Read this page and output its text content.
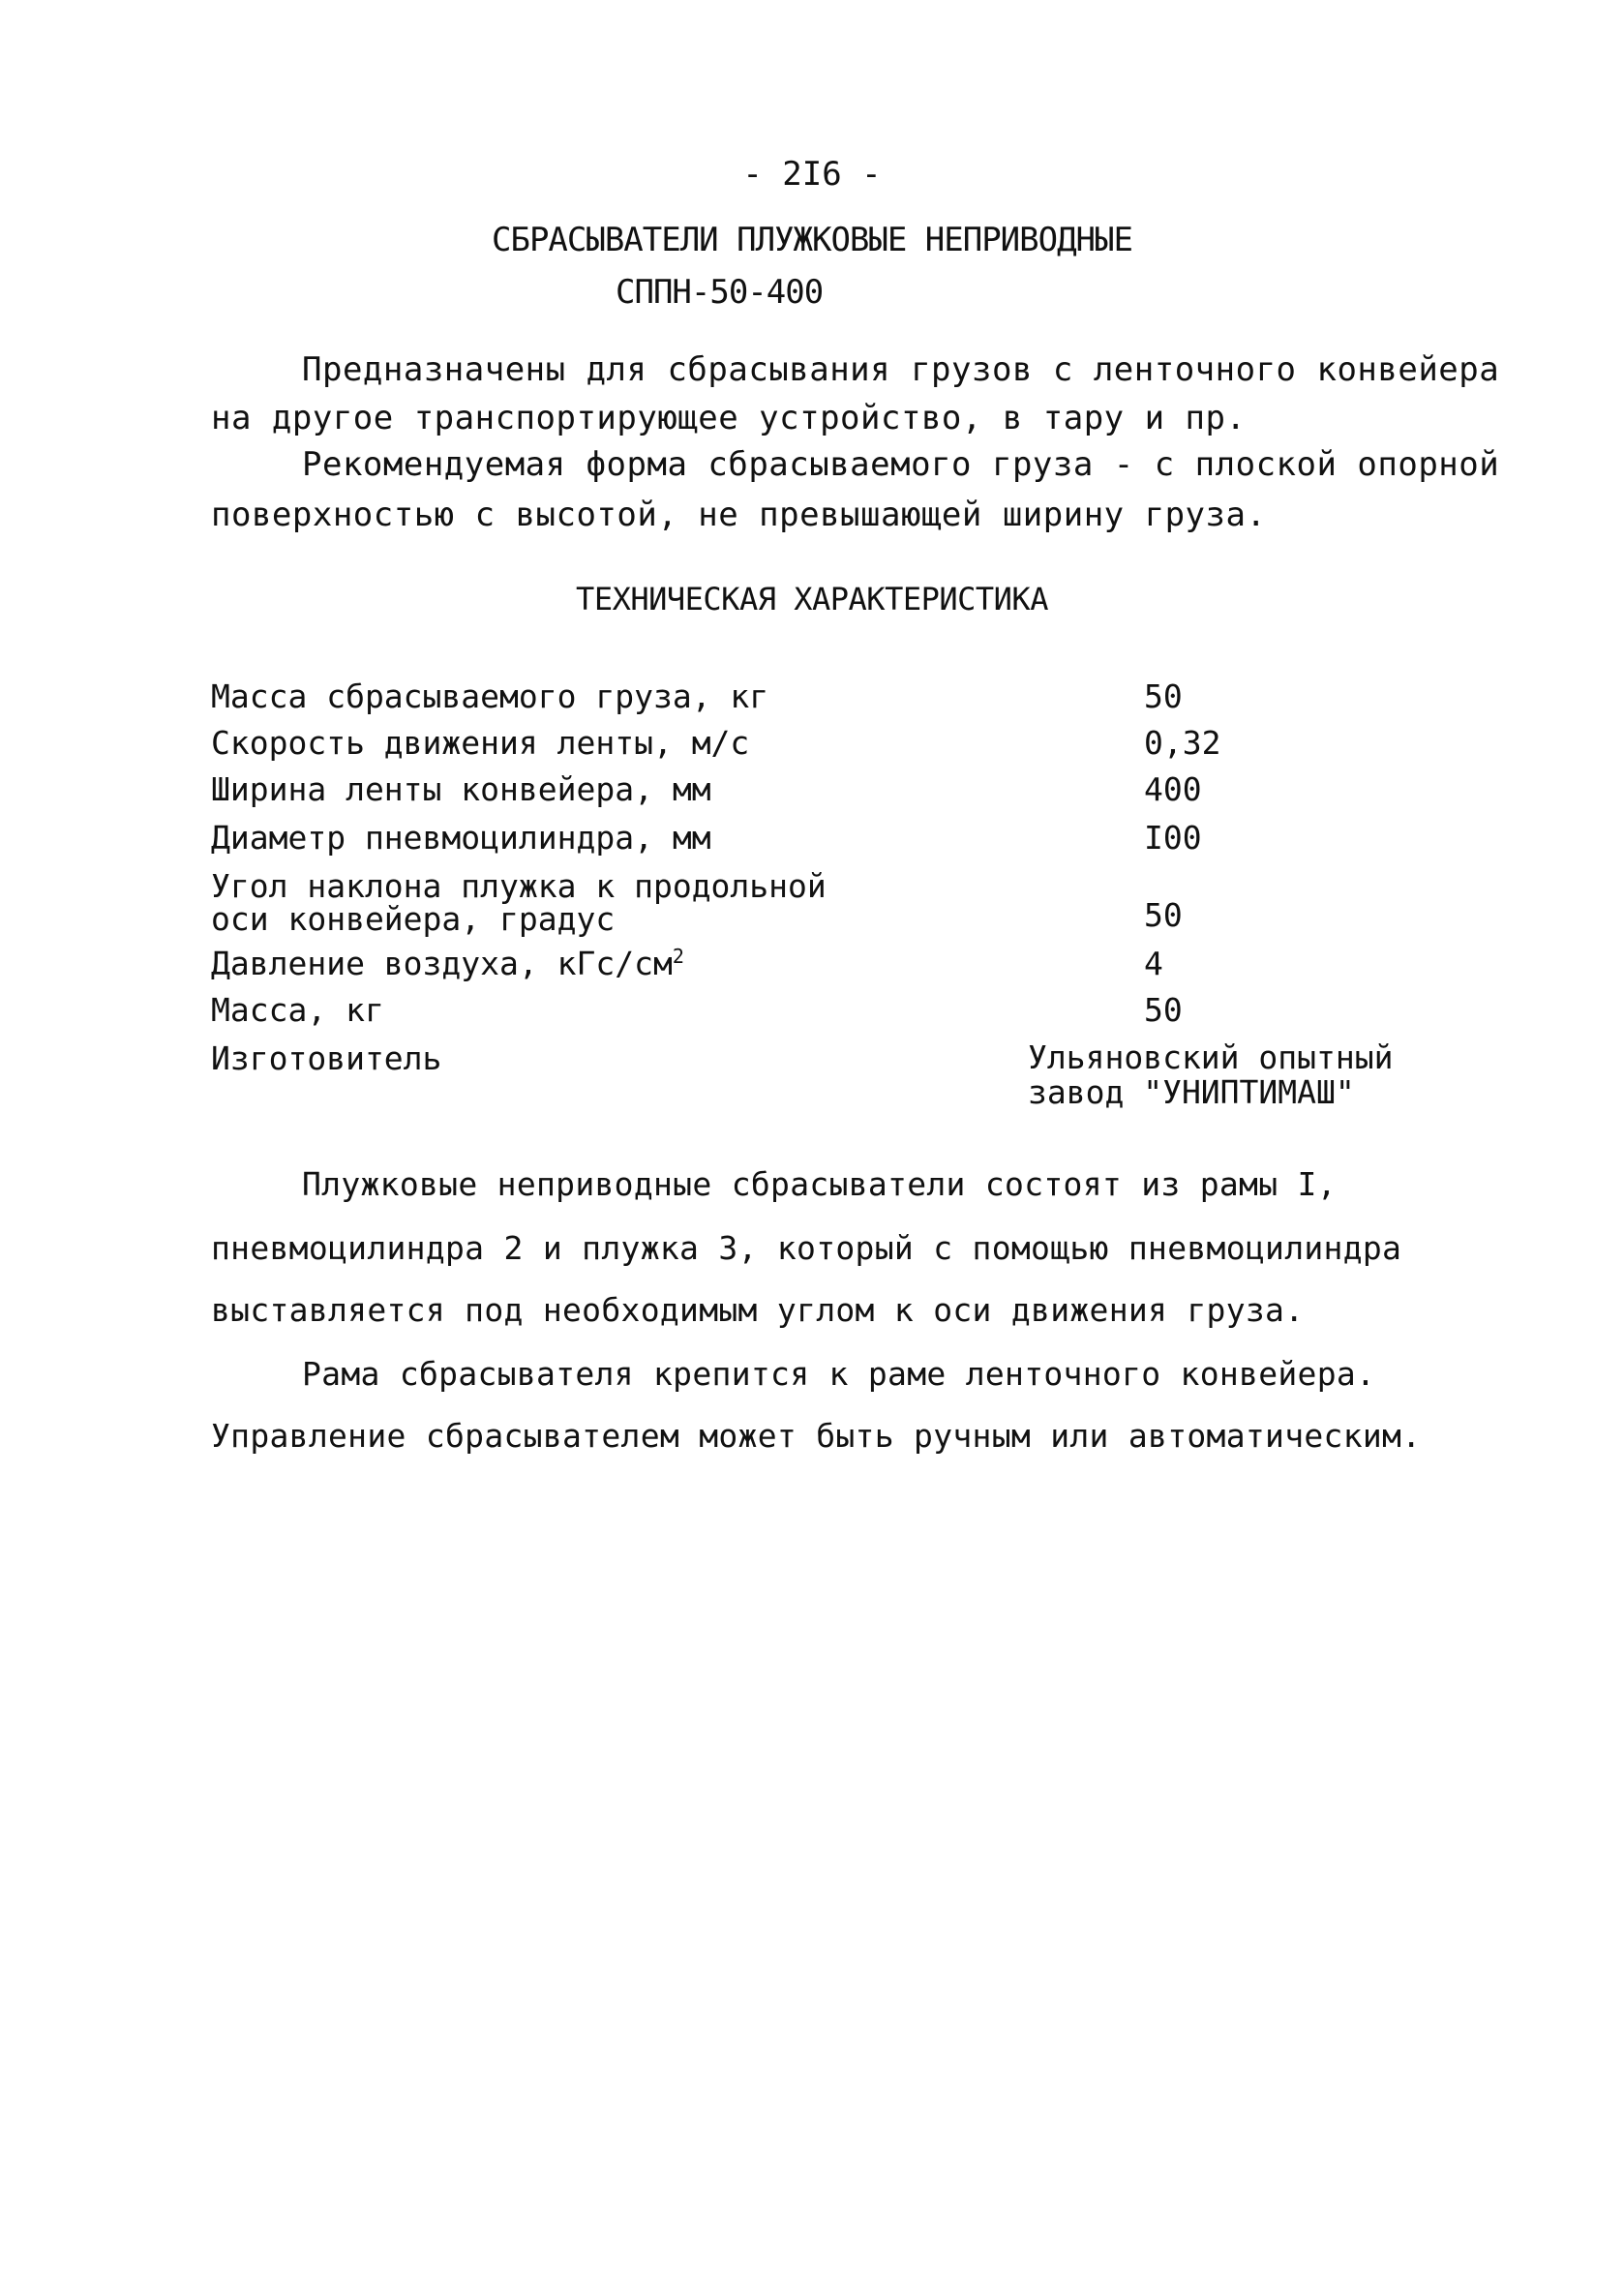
- 2I6 -
СБРАСЫВАТЕЛИ ПЛУЖКОВЫЕ НЕПРИВОДНЫЕ
СППН-50-400
Предназначены для сбрасывания грузов с ленточного конвейера
на другое транспортирующее устройство, в тару и пр.
Рекомендуемая форма сбрасываемого груза - с плоской опорной
поверхностью с высотой, не превышающей ширину груза.
ТЕХНИЧЕСКАЯ ХАРАКТЕРИСТИКА
Масса сбрасываемого груза, кг	50
Скорость движения ленты, м/с	0,32
Ширина ленты конвейера, мм	400
Диаметр пневмоцилиндра, мм	I00
Угол наклона плужка к продольной
оси конвейера, градус	50
Давление воздуха, кГс/$см^2$	4
Масса, кг	50
Изготовитель	Ульяновский опытный
завод "УНИПТИМАШ"
Плужковые неприводные сбрасыватели состоят из рамы I,
пневмоцилиндра 2 и плужка 3, который с помощью пневмоцилиндра
выставляется под необходимым углом к оси движения груза.
Рама сбрасывателя крепится к раме ленточного конвейера.
Управление сбрасывателем может быть ручным или автоматическим.
